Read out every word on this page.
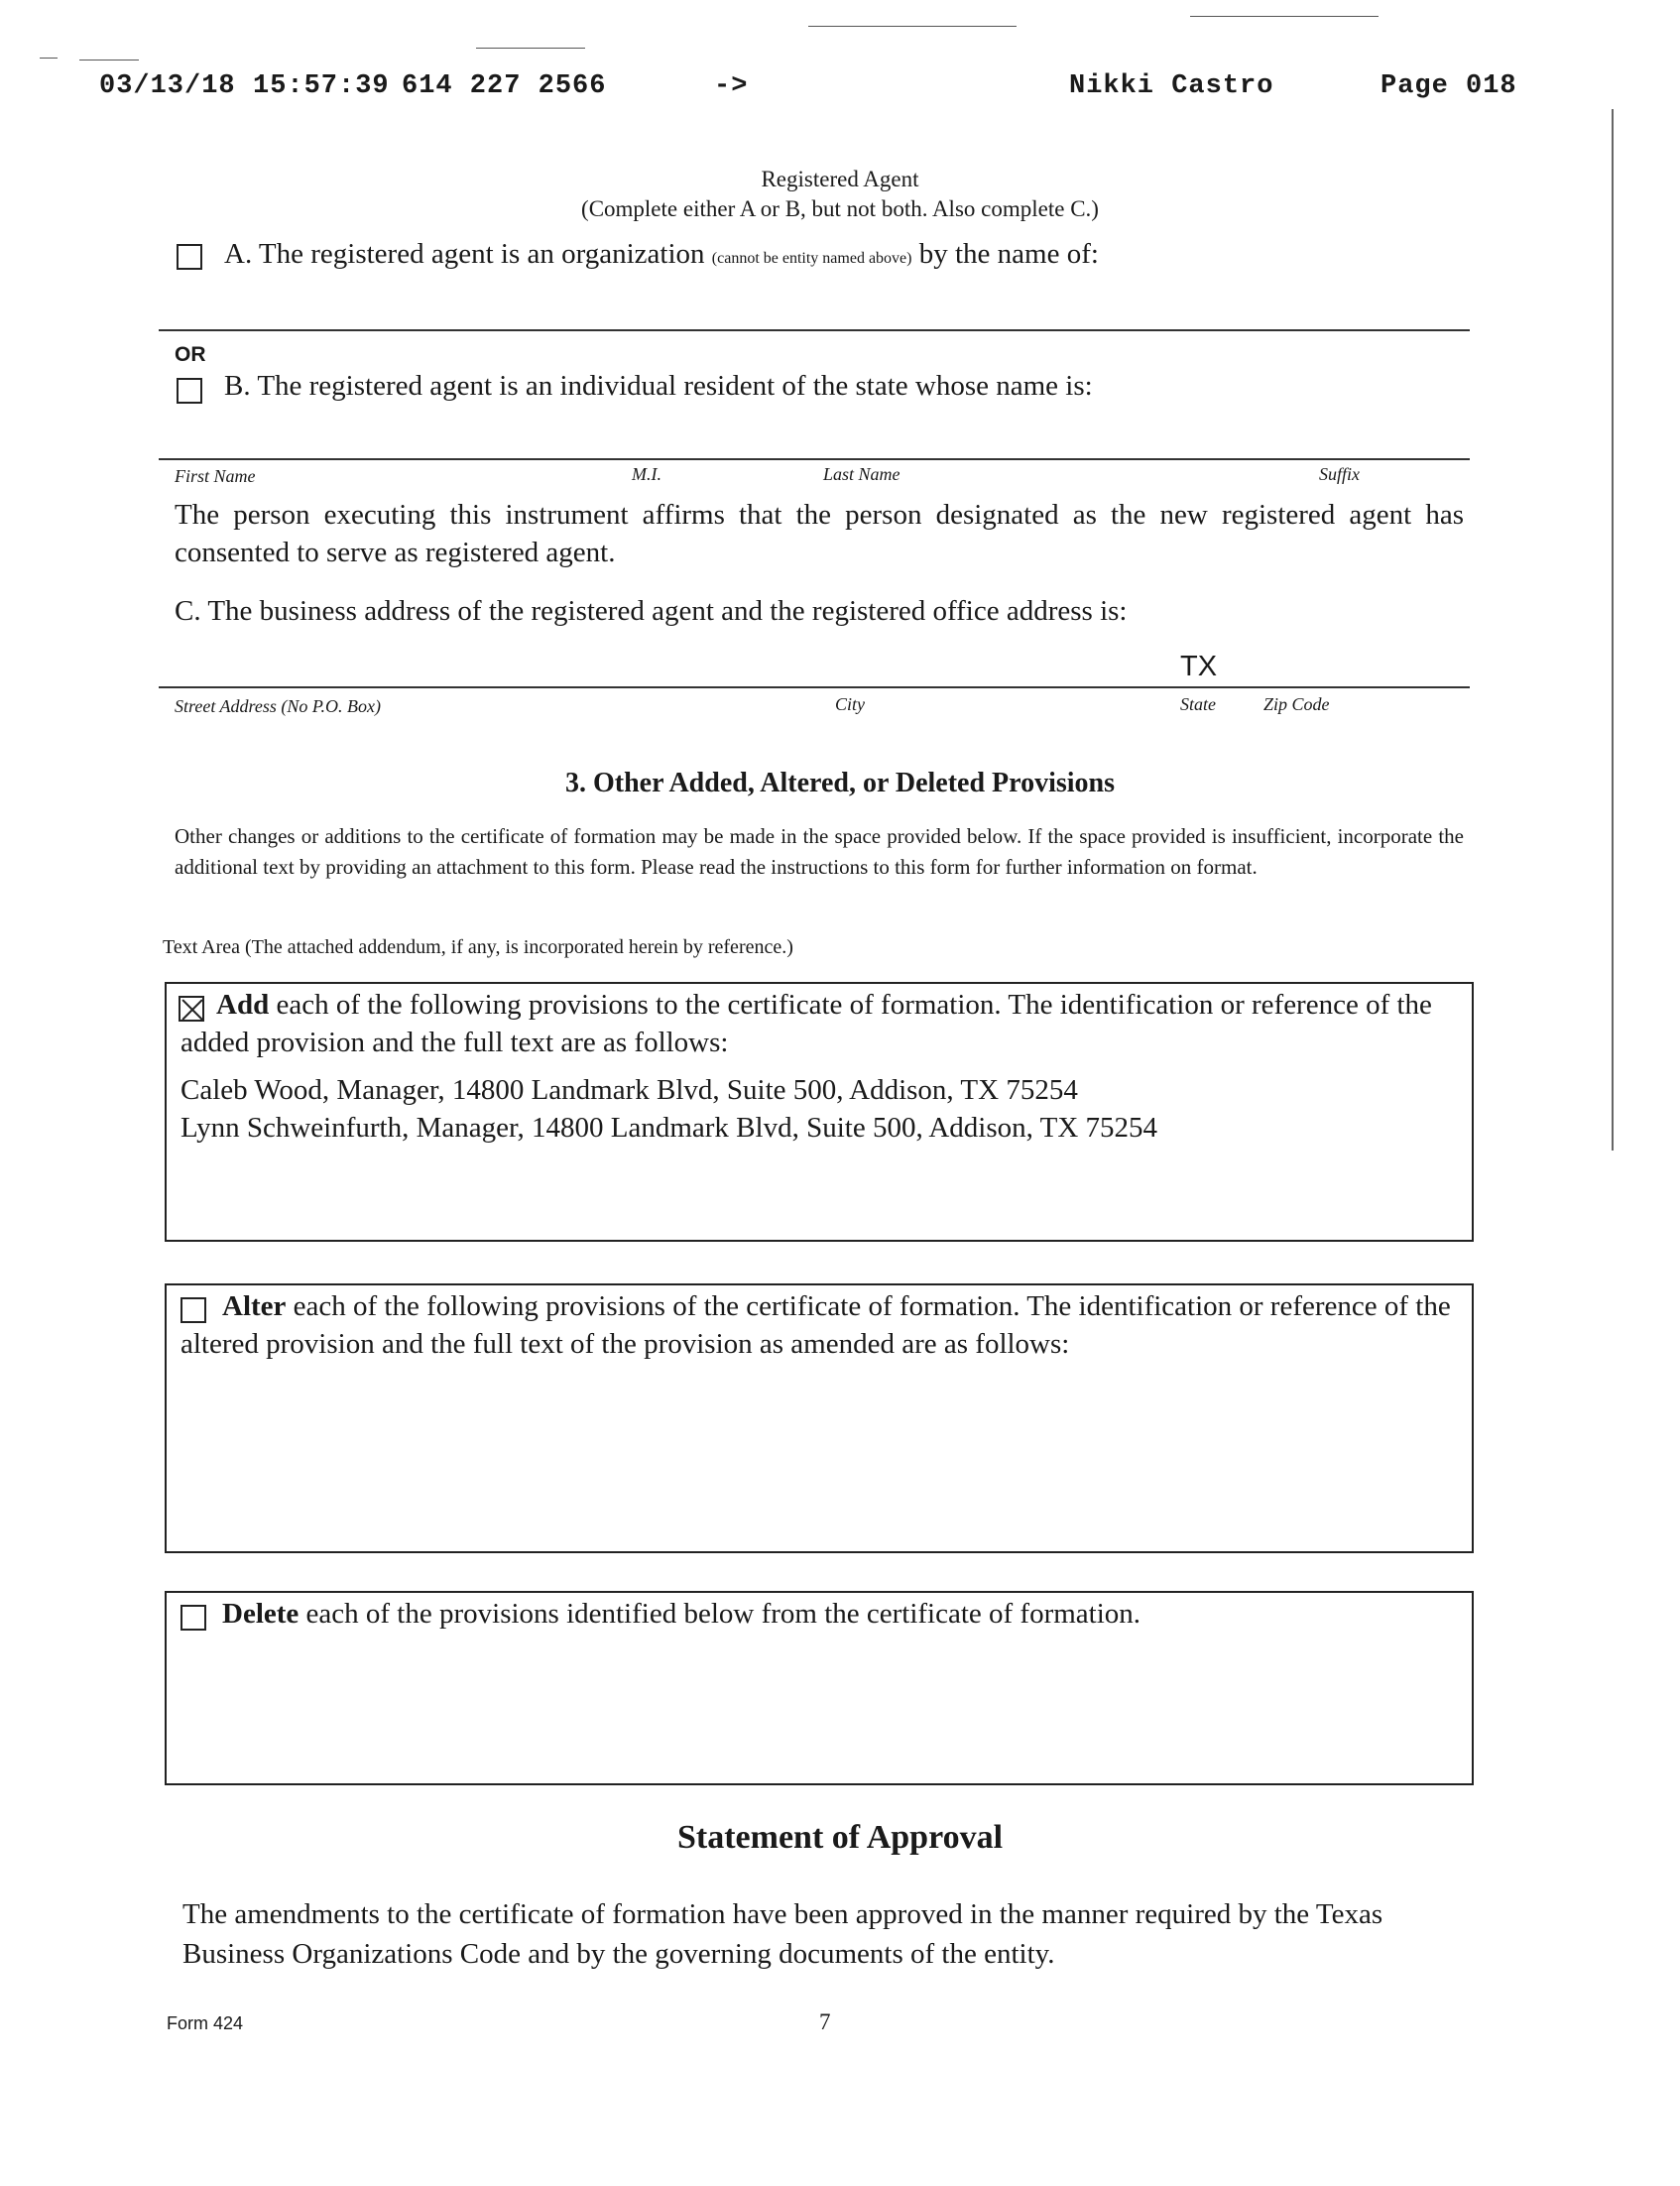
03/13/18 15:57:39 614 227 2566	->	Nikki Castro	Page 018
Registered Agent
(Complete either A or B, but not both. Also complete C.)
A. The registered agent is an organization (cannot be entity named above) by the name of:
OR
B. The registered agent is an individual resident of the state whose name is:
First Name	M.I.	Last Name	Suffix
The person executing this instrument affirms that the person designated as the new registered agent has consented to serve as registered agent.
C. The business address of the registered agent and the registered office address is:
TX
Street Address (No P.O. Box)	City	State	Zip Code
3. Other Added, Altered, or Deleted Provisions
Other changes or additions to the certificate of formation may be made in the space provided below. If the space provided is insufficient, incorporate the additional text by providing an attachment to this form. Please read the instructions to this form for further information on format.
Text Area (The attached addendum, if any, is incorporated herein by reference.)
Add each of the following provisions to the certificate of formation. The identification or reference of the added provision and the full text are as follows:
Caleb Wood, Manager, 14800 Landmark Blvd, Suite 500, Addison, TX 75254
Lynn Schweinfurth, Manager, 14800 Landmark Blvd, Suite 500, Addison, TX 75254
Alter each of the following provisions of the certificate of formation. The identification or reference of the altered provision and the full text of the provision as amended are as follows:
Delete each of the provisions identified below from the certificate of formation.
Statement of Approval
The amendments to the certificate of formation have been approved in the manner required by the Texas Business Organizations Code and by the governing documents of the entity.
Form 424	7
